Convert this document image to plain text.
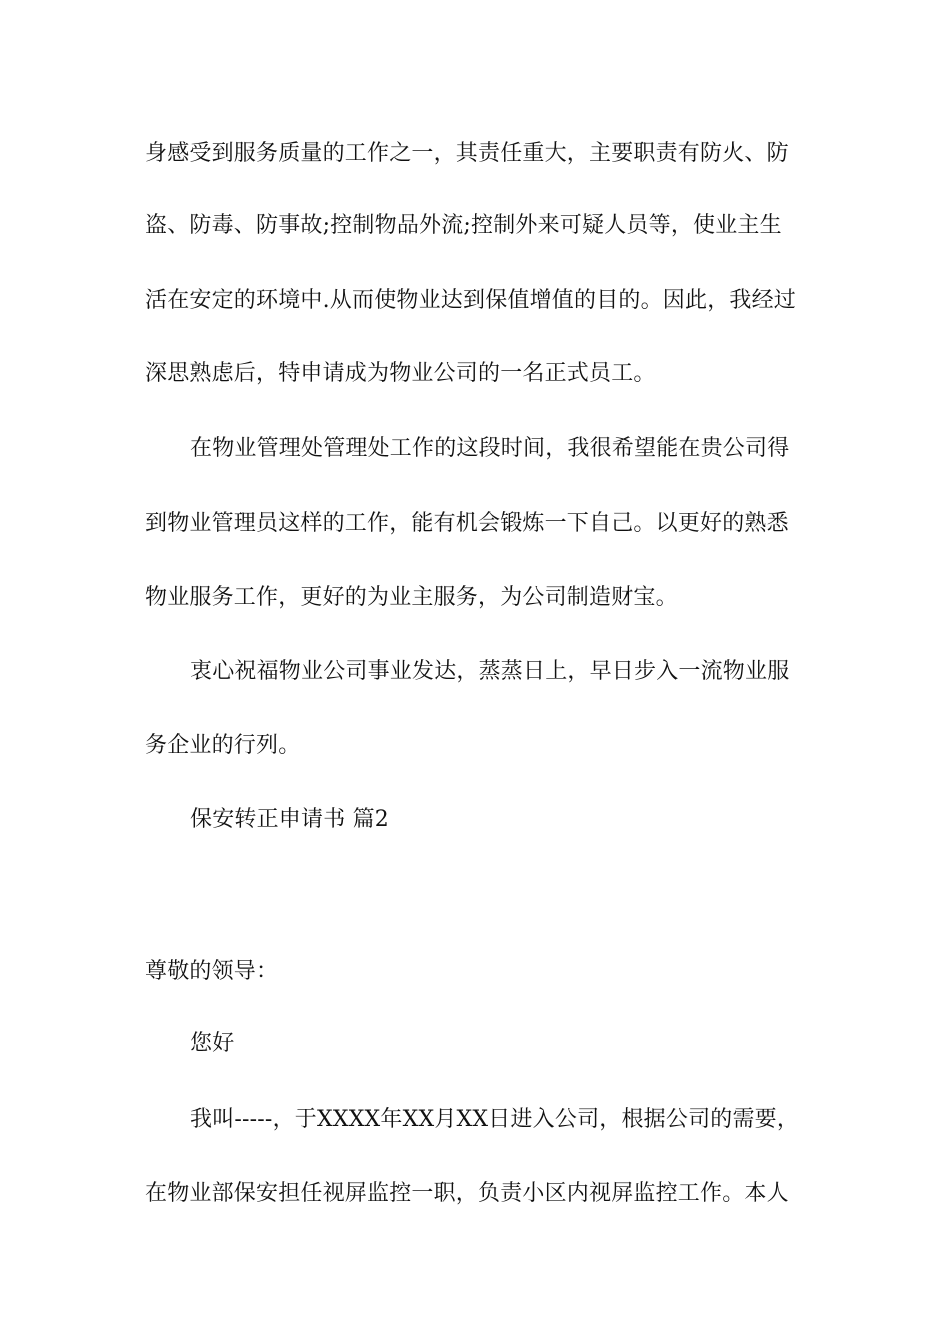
身感受到服务质量的工作之一，其责任重大，主要职责有防火、防
盗、防毒、防事故;控制物品外流;控制外来可疑人员等，使业主生
活在安定的环境中.从而使物业达到保值增值的目的。因此，我经过
深思熟虑后，特申请成为物业公司的一名正式员工。
在物业管理处管理处工作的这段时间，我很希望能在贵公司得
到物业管理员这样的工作，能有机会锻炼一下自己。以更好的熟悉
物业服务工作，更好的为业主服务，为公司制造财宝。
衷心祝福物业公司事业发达，蒸蒸日上，早日步入一流物业服
务企业的行列。
保安转正申请书 篇2
尊敬的领导：
您好
我叫-----，于XXXX年XX月XX日进入公司，根据公司的需要，
在物业部保安担任视屏监控一职，负责小区内视屏监控工作。本人
